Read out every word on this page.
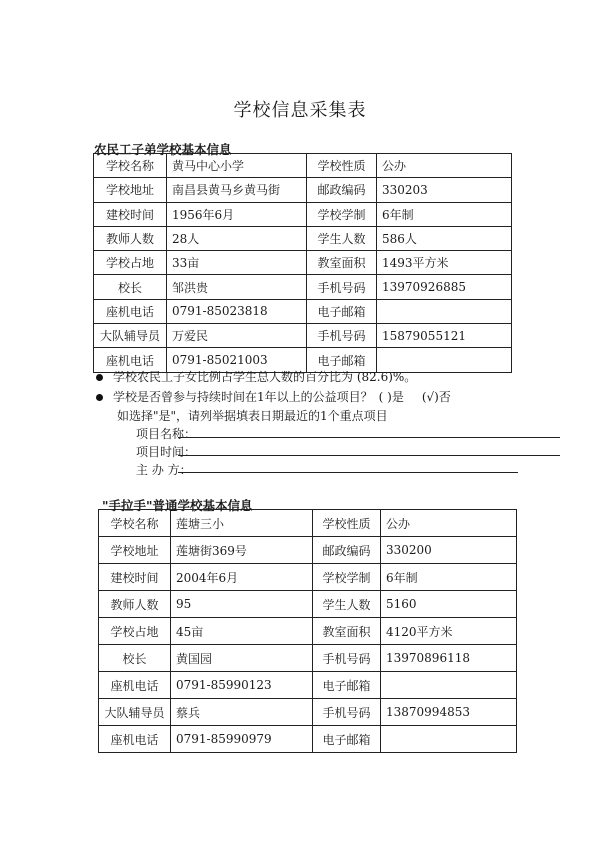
学校信息采集表
农民工子弟学校基本信息
学校名称	黄马中心小学	学校性质	公办
学校地址	南昌县黄马乡黄马街	邮政编码	330203
建校时间	1956年6月	学校学制	6年制
教师人数	28人	学生人数	586人
学校占地	33亩	教室面积	1493平方米
校长	邹洪贵	手机号码	13970926885
座机电话	0791-85023818	电子邮箱	
大队辅导员	万爱民	手机号码	15879055121
座机电话	0791-85021003	电子邮箱	
学校农民工子女比例占学生总人数的百分比为 (82.6)%。
学校是否曾参与持续时间在1年以上的公益项目？ ( )是 (√)否
如选择"是"，请列举据填表日期最近的1个重点项目
项目名称：
项目时间：
主 办 方：
"手拉手"普通学校基本信息
学校名称	莲塘三小	学校性质	公办
学校地址	莲塘街369号	邮政编码	330200
建校时间	2004年6月	学校学制	6年制
教师人数	95	学生人数	5160
学校占地	45亩	教室面积	4120平方米
校长	黄国园	手机号码	13970896118
座机电话	0791-85990123	电子邮箱	
大队辅导员	蔡兵	手机号码	13870994853
座机电话	0791-85990979	电子邮箱	
